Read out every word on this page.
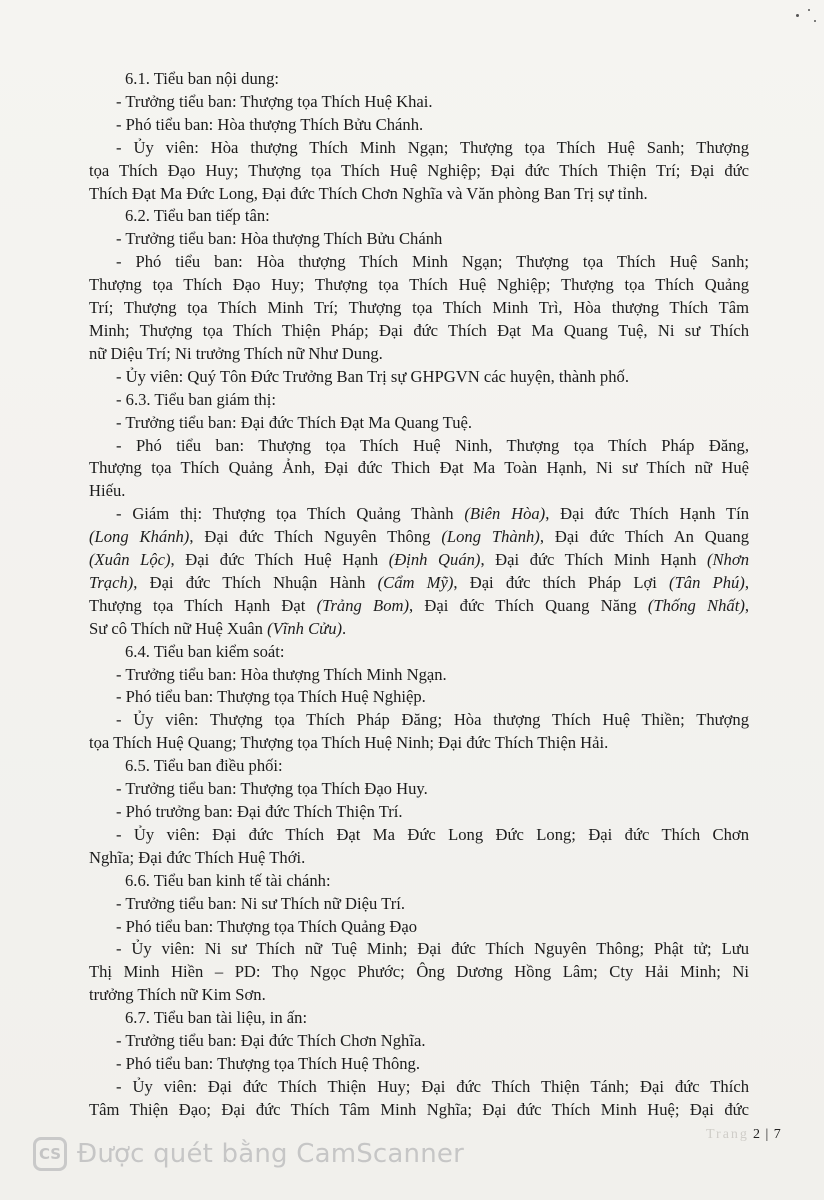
6.1. Tiểu ban nội dung:

- Trưởng tiểu ban: Thượng tọa Thích Huệ Khai.

- Phó tiểu ban: Hòa thượng Thích Bửu Chánh.

- Ủy viên: Hòa thượng Thích Minh Ngạn; Thượng tọa Thích Huệ Sanh; Thượng

tọa Thích Đạo Huy; Thượng tọa Thích Huệ Nghiệp; Đại đức Thích Thiện Trí; Đại đức

Thích Đạt Ma Đức Long, Đại đức Thích Chơn Nghĩa và Văn phòng Ban Trị sự tỉnh.

6.2. Tiểu ban tiếp tân:

- Trưởng tiểu ban: Hòa thượng Thích Bửu Chánh

- Phó tiểu ban: Hòa thượng Thích Minh Ngạn; Thượng tọa Thích Huệ Sanh;

Thượng tọa Thích Đạo Huy; Thượng tọa Thích Huệ Nghiệp; Thượng tọa Thích Quảng

Trí; Thượng tọa Thích Minh Trí; Thượng tọa Thích Minh Trì, Hòa thượng Thích Tâm

Minh; Thượng tọa Thích Thiện Pháp; Đại đức Thích Đạt Ma Quang Tuệ, Ni sư Thích

nữ Diệu Trí; Ni trưởng Thích nữ Như Dung.

- Ủy viên: Quý Tôn Đức Trưởng Ban Trị sự GHPGVN các huyện, thành phố.

- 6.3. Tiểu ban giám thị:

- Trưởng tiểu ban: Đại đức Thích Đạt Ma Quang Tuệ.

- Phó tiểu ban: Thượng tọa Thích Huệ Ninh, Thượng tọa Thích Pháp Đăng,

Thượng tọa Thích Quảng Ảnh, Đại đức Thich Đạt Ma Toàn Hạnh, Ni sư Thích nữ Huệ

Hiếu.

- Giám thị: Thượng tọa Thích Quảng Thành (Biên Hòa), Đại đức Thích Hạnh Tín

(Long Khánh), Đại đức Thích Nguyên Thông (Long Thành), Đại đức Thích An Quang

(Xuân Lộc), Đại đức Thích Huệ Hạnh (Định Quán), Đại đức Thích Minh Hạnh (Nhơn

Trạch), Đại đức Thích Nhuận Hành (Cẩm Mỹ), Đại đức thích Pháp Lợi (Tân Phú),

Thượng tọa Thích Hạnh Đạt (Trảng Bom), Đại đức Thích Quang Năng (Thống Nhất),

Sư cô Thích nữ Huệ Xuân (Vĩnh Cửu).

6.4. Tiểu ban kiểm soát:

- Trưởng tiểu ban: Hòa thượng Thích Minh Ngạn.

- Phó tiểu ban: Thượng tọa Thích Huệ Nghiệp.

- Ủy viên: Thượng tọa Thích Pháp Đăng; Hòa thượng Thích Huệ Thiền; Thượng

tọa Thích Huệ Quang; Thượng tọa Thích Huệ Ninh; Đại đức Thích Thiện Hải.

6.5. Tiểu ban điều phối:

- Trưởng tiểu ban: Thượng tọa Thích Đạo Huy.

- Phó trưởng ban: Đại đức Thích Thiện Trí.

- Ủy viên: Đại đức Thích Đạt Ma Đức Long Đức Long; Đại đức Thích Chơn

Nghĩa; Đại đức Thích Huệ Thới.

6.6. Tiểu ban kinh tế tài chánh:

- Trưởng tiểu ban: Ni sư Thích nữ Diệu Trí.

- Phó tiểu ban: Thượng tọa Thích Quảng Đạo

- Ủy viên: Ni sư Thích nữ Tuệ Minh; Đại đức Thích Nguyên Thông; Phật tử; Lưu

Thị Minh Hiền – PD: Thọ Ngọc Phước; Ông Dương Hồng Lâm; Cty Hải Minh; Ni

trưởng Thích nữ Kim Sơn.

6.7. Tiểu ban tài liệu, in ấn:

- Trưởng tiểu ban: Đại đức Thích Chơn Nghĩa.

- Phó tiểu ban: Thượng tọa Thích Huệ Thông.

- Ủy viên: Đại đức Thích Thiện Huy; Đại đức Thích Thiện Tánh; Đại đức Thích

Tâm Thiện Đạo; Đại đức Thích Tâm Minh Nghĩa; Đại đức Thích Minh Huệ; Đại đức

Trang 2 | 7
CS Được quét bằng CamScanner
